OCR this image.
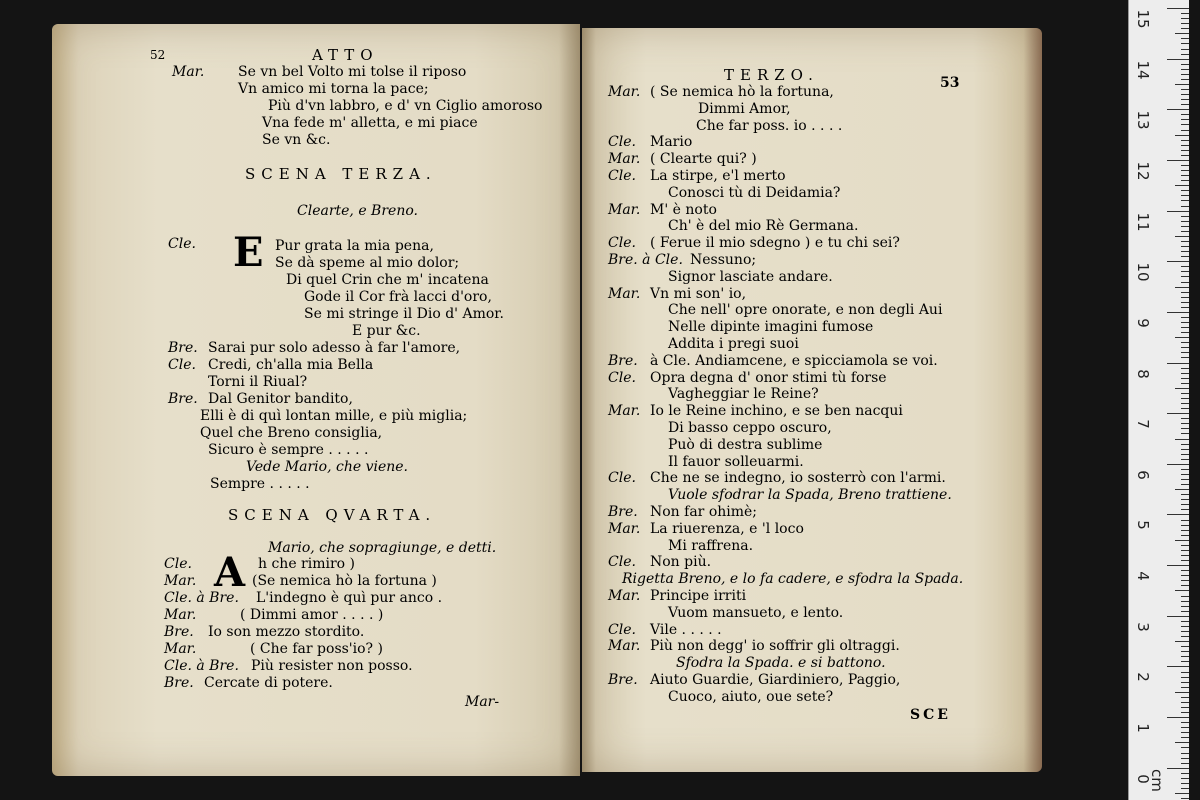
52	ATTO
SCENA TERZA.
Clearte, e Breno.
Cle. E
SCENA QVARTA.
Mario, che sopragiunge, e detti.
A
Mar-
TERZO.	53
SCE
Mar. Se vn bel Volto mi tolse il riposo
Vn amico mi torna la pace;
Più d'vn labbro, e d' vn Ciglio amoroso
Vna fede m' alletta, e mi piace
Se vn &c.
Pur grata la mia pena,
Se dà speme al mio dolor;
Di quel Crin che m' incatena
Gode il Cor frà lacci d'oro,
Se mi stringe il Dio d' Amor.
E pur &c.
Bre. Sarai pur solo adesso à far l'amore,
Cle. Credi, ch'alla mia Bella
Torni il Riual?
Bre. Dal Genitor bandito,
Elli è di quì lontan mille, e più miglia;
Quel che Breno consiglia,
Sicuro è sempre . . . . .
Vede Mario, che viene.
Sempre . . . . .
Cle.	h che rimiro )
Mar.	(Se nemica hò la fortuna )
Cle. à Bre. L'indegno è quì pur anco .
Mar.	( Dimmi amor . . . . )
Bre. Io son mezzo stordito.
Mar.	( Che far poss'io? )
Cle. à Bre. Più resister non posso.
Bre. Cercate di potere.
Mar. ( Se nemica hò la fortuna,
Dimmi Amor,
Che far poss. io . . . .
Cle. Mario
Mar. ( Clearte qui? )
Cle. La stirpe, e'l merto
Conosci tù di Deidamia?
Mar. M' è noto
Ch' è del mio Rè Germana.
Cle. ( Ferue il mio sdegno ) e tu chi sei?
Bre. à Cle. Nessuno;
Signor lasciate andare.
Mar. Vn mi son' io,
Che nell' opre onorate, e non degli Aui
Nelle dipinte imagini fumose
Addita i pregi suoi
Bre. à Cle. Andiamcene, e spicciamola se voi.
Cle. Opra degna d' onor stimi tù forse
Vagheggiar le Reine?
Mar. Io le Reine inchino, e se ben nacqui
Di basso ceppo oscuro,
Può di destra sublime
Il fauor solleuarmi.
Cle. Che ne se indegno, io sosterrò con l'armi.
Vuole sfodrar la Spada, Breno trattiene.
Bre. Non far ohimè;
Mar. La riuerenza, e 'l loco
Mi raffrena.
Cle. Non più.
Rigetta Breno, e lo fa cadere, e sfodra la Spada.
Mar. Principe irriti
Vuom mansueto, e lento.
Cle. Vile . . . . .
Mar. Più non degg' io soffrir gli oltraggi.
Sfodra la Spada. e si battono.
Bre. Aiuto Guardie, Giardiniero, Paggio,
Cuoco, aiuto, oue sete?
15
14
13
12
11
10
9
8
7
6
5
4
3
2
1
0
cm
